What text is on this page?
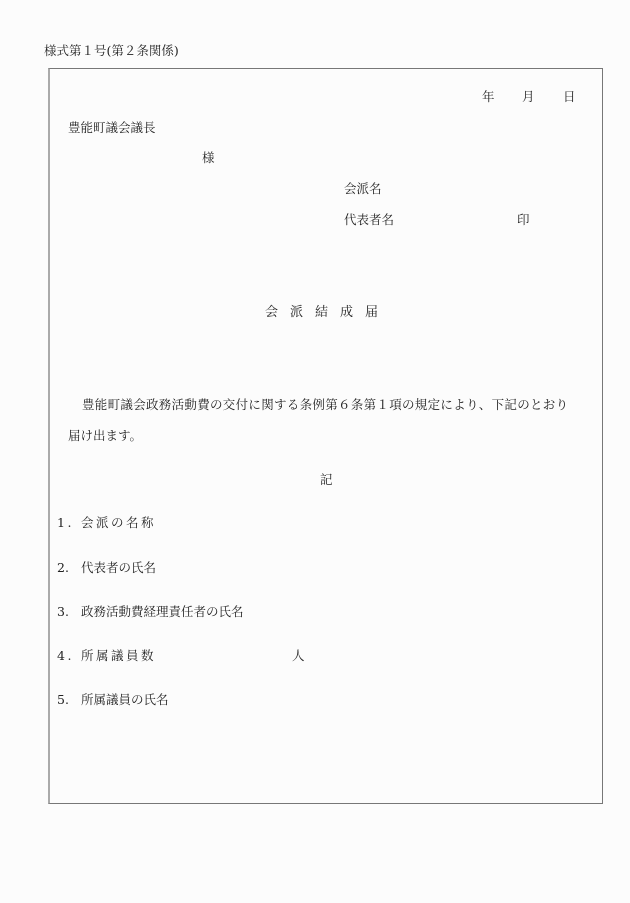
様式第１号(第２条関係)
年 月 日
豊能町議会議長
様
会派名
代表者名	印
会派結成届
豊能町議会政務活動費の交付に関する条例第６条第１項の規定により、下記のとおり
届け出ます。
記
1. 会派の名称
2. 代表者の氏名
3. 政務活動費経理責任者の氏名
4. 所属議員数	人
5. 所属議員の氏名
